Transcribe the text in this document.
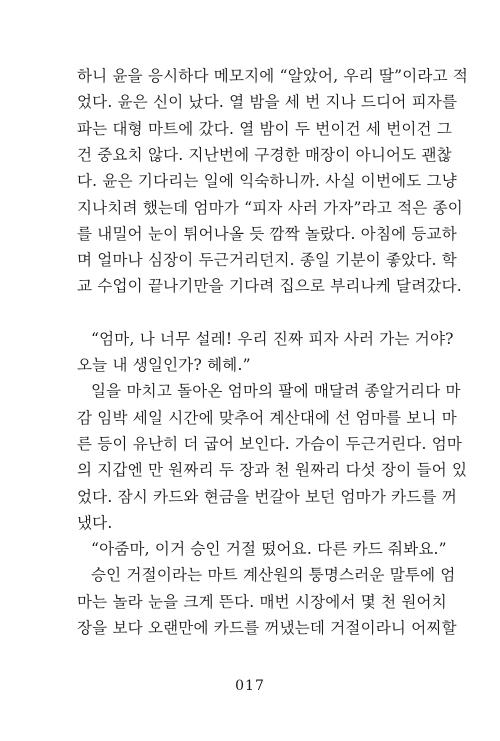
하니 윤을 응시하다 메모지에 “알았어, 우리 딸”이라고 적
었다. 윤은 신이 났다. 열 밤을 세 번 지나 드디어 피자를
파는 대형 마트에 갔다. 열 밤이 두 번이건 세 번이건 그
건 중요치 않다. 지난번에 구경한 매장이 아니어도 괜찮
다. 윤은 기다리는 일에 익숙하니까. 사실 이번에도 그냥
지나치려 했는데 엄마가 “피자 사러 가자”라고 적은 종이
를 내밀어 눈이 튀어나올 듯 깜짝 놀랐다. 아침에 등교하
며 얼마나 심장이 두근거리던지. 종일 기분이 좋았다. 학
교 수업이 끝나기만을 기다려 집으로 부리나케 달려갔다.
“엄마, 나 너무 설레! 우리 진짜 피자 사러 가는 거야?
오늘 내 생일인가? 헤헤.”
일을 마치고 돌아온 엄마의 팔에 매달려 종알거리다 마
감 임박 세일 시간에 맞추어 계산대에 선 엄마를 보니 마
른 등이 유난히 더 굽어 보인다. 가슴이 두근거린다. 엄마
의 지갑엔 만 원짜리 두 장과 천 원짜리 다섯 장이 들어 있
었다. 잠시 카드와 현금을 번갈아 보던 엄마가 카드를 꺼
냈다.
“아줌마, 이거 승인 거절 떴어요. 다른 카드 줘봐요.”
승인 거절이라는 마트 계산원의 퉁명스러운 말투에 엄
마는 놀라 눈을 크게 뜬다. 매번 시장에서 몇 천 원어치
장을 보다 오랜만에 카드를 꺼냈는데 거절이라니 어찌할
017
